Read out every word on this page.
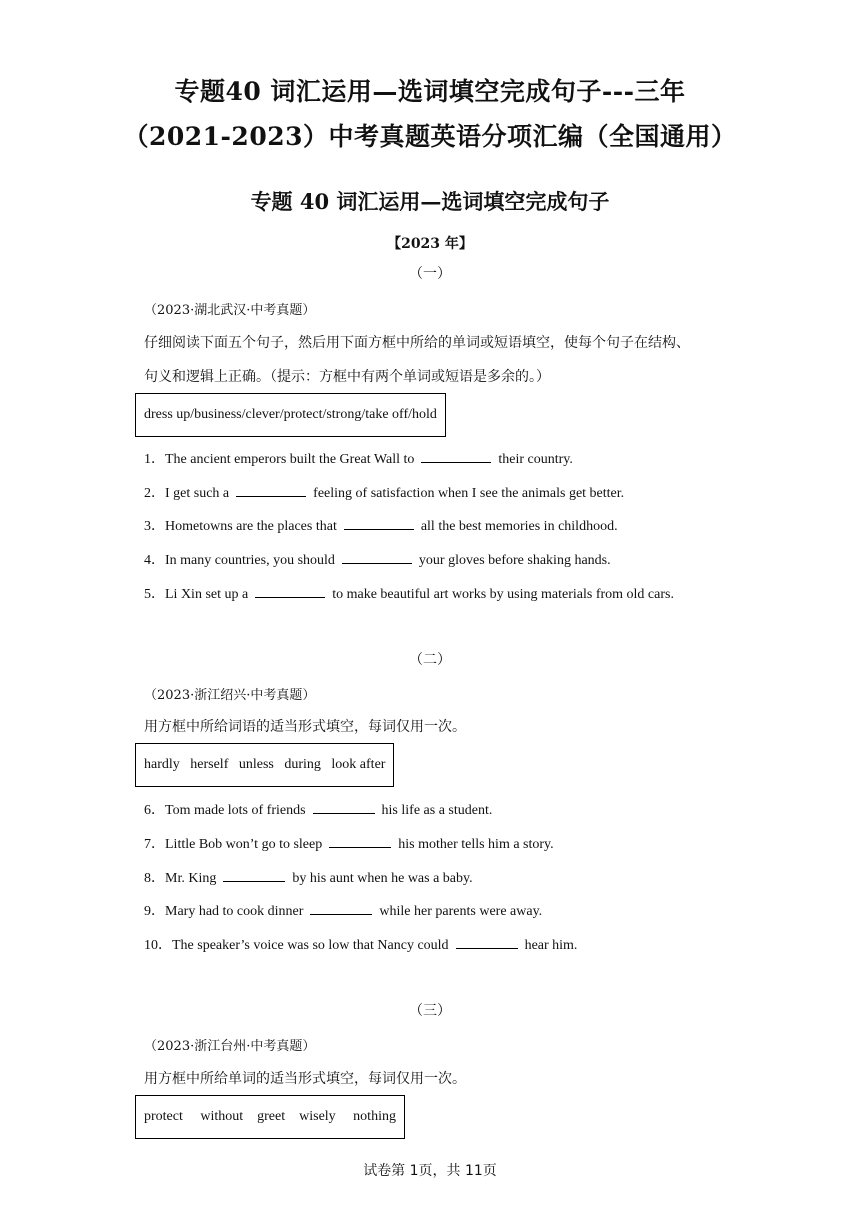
专题40 词汇运用—选词填空完成句子---三年
（2021-2023）中考真题英语分项汇编（全国通用）
专题 40 词汇运用—选词填空完成句子
【2023 年】
（一）
（2023·湖北武汉·中考真题）
仔细阅读下面五个句子，然后用下面方框中所给的单词或短语填空，使每个句子在结构、
句义和逻辑上正确。（提示：方框中有两个单词或短语是多余的。）
dress up/business/clever/protect/strong/take off/hold
1．The ancient emperors built the Great Wall to	their country.
2．I get such a	feeling of satisfaction when I see the animals get better.
3．Hometowns are the places that	all the best memories in childhood.
4．In many countries, you should	your gloves before shaking hands.
5．Li Xin set up a	to make beautiful art works by using materials from old cars.
（二）
（2023·浙江绍兴·中考真题）
用方框中所给词语的适当形式填空，每词仅用一次。
hardly   herself   unless   during   look after
6．Tom made lots of friends	his life as a student.
7．Little Bob won’t go to sleep	his mother tells him a story.
8．Mr. King	by his aunt when he was a baby.
9．Mary had to cook dinner	while her parents were away.
10．The speaker’s voice was so low that Nancy could	hear him.
（三）
（2023·浙江台州·中考真题）
用方框中所给单词的适当形式填空，每词仅用一次。
protect     without    greet    wisely     nothing
试卷第 1页，共 11页
